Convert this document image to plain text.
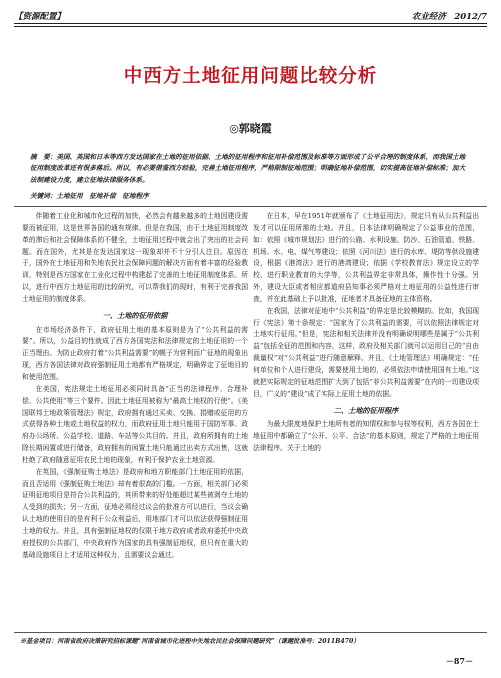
【资源配置】	农业经济　2012/7
中西方土地征用问题比较分析
◎郭晓霞
摘　要：美国、英国和日本等西方发达国家在土地的征用依据、土地的征用程序和征用补偿范围及标准等方面形成了公平合理的制度体系，而我国土地征用制度改革还有很多落后。所以，有必要借鉴西方经验，完善土地征用程序，严格限制征地范围；明确征地补偿范围，切实提高征地补偿标准；加大法制建设力度，建立征地法律服务体系。
关键词：土地征用　征地补偿　征地程序

伴随着工业化和城市化过程的加快，必然会有越来越多的土地因建设需要而被征用，这是世界各国的通有规律。但是在我国，由于土地征用制度改革的滞后和社会保障体系的不健全，土地征用过程中就会出了突出的社会问题。而在国外，尤其是在发达国家这一现象却并不十分引人注目。原因在于，国外在土地征用和失地农民社会保障问题的解决方面有着丰富的经验教训，特别是西方国家在工业化过程中构建起了完善的土地征用制度体系。所以，进行中西方土地征用的比较研究，可以帮我们的现时，有利于完善我国土地征用的制度体系。

一、土地的征用依据

在市场经济条件下，政府征用土地的基本原则是为了“公共利益的需要”。所以，公益目的性就成了西方各国宪法和法律规定的土地征用的一个正当理由。为防止政府打着“公共利益需要”的幌子为营利而广征地的现象出现，西方各国法律对政府强制征用土地都有严格规定，明确界定了征地目的和使用范围。

在美国，宪法规定土地征用必须同时具备“正当的法律程序、合理补偿、公共使用”等三个要件。因此土地征用被称为“最高土地权的行使”。《美国联邦土地政策管理法》规定，政府拥有通过买卖、交换、捐赠或征用的方式获得各种土地或土地权益的权力，而政府征用土地只能用于国防军事、政府办公场所、公益学校、道路、车站等公共目的。并且，政府所拥有的土地除长期闲置或进行储备，政府拥有的闲置土地只能通过出卖方式出售，这就杜绝了政府随意征用农民土地的现象，有利于保护农业土地资源。

在英国，《强制征购土地法》是政府和地方职能部门土地征用的依据，而且否适用《强制征购土地法》却有着很高的门槛。一方面，相关部门必须证明征地项目是符合公共利益的，其所带来的好处能超过某些被剥夺土地的人受到的损失；另一方面，征地必须经过议会的批准方可以进行，当议会确认土地的使用目的是有利于公众利益后，用地部门才可以依法获得强制征用土地的权力。并且，具有强制征地权的仅限于地方政府或者政府委托中央政府授权的公共部门，中央政府作为国家的具有强制征地权，但只有在重大的基础设施项目上才适用这种权力，且需要议会通过。

在日本，早在1951年就颁布了《土地征用法》，规定只有从公共利益出发才可以征用所需的土地。并且，日本法律明确规定了公益事业的范围，如：依照《城市规划法》进行的公路、水利设施、防沙、石油管道、铁路、机场、水、电、煤气等建设；依照《河川法》进行的水库、堤防等供设施建设，根据《港湾法》进行的港湾建设；依据《学校教育法》规定设立的学校、进行职业教育的大学等，公共利益界定非常具体，操作性十分强。另外，建设大臣或者相应都道府县知事必须严格对土地征用的公益性进行审查，并在此基础上予以批准，征地者才具备征地的主体资格。

在我国，法律对征地中“公共利益”的界定是比较模糊的。比如，我国现行《宪法》第十条规定：“国家为了公共利益的需要，可以依照法律规定对土地实行征用。”但是，宪法和相关法律并没有明确说明哪些是属于“公共利益”包括全征的范围和内容，这样，政府及相关部门就可以运用目己的“自由裁量权”对“公共利益”进行随意解释。并且，《土地管理法》明确规定：“任何单位和个人进行建设，需要使用土地的，必须依法申请使用国有土地。”这就把实际规定的征地范围扩大到了包括“非公共利益需要”在内的一切建设项目，广义的“建设”成了实际上征用土地的依据。

二、土地的征用程序

为最大限度地保护土地所有者的知情权和参与权等权利，西方各国在土地征用中都确立了“公开、公平、合法”的基本原则，规定了严格的土地征用法律程序。关于土地的

※基金项目：河南省政府决策研究招标课题“河南省城市化进程中失地农民社会保障问题研究”（课题批准号：2011B470）
－87－
